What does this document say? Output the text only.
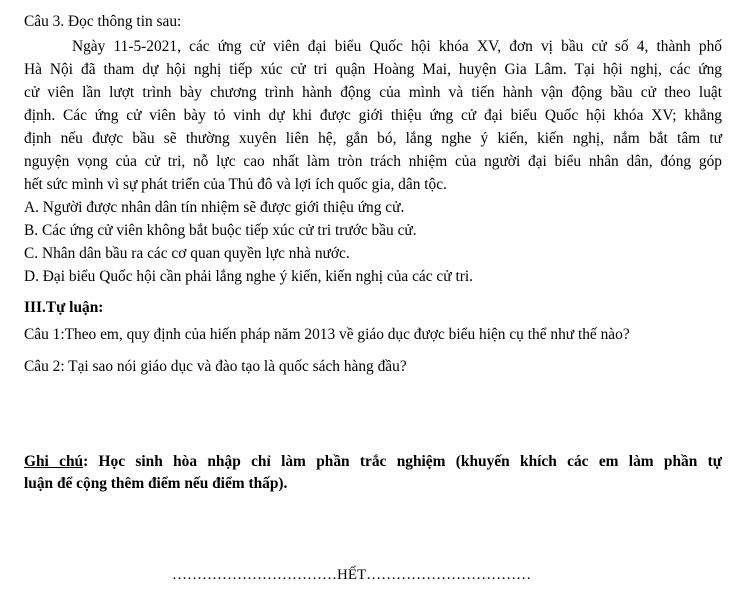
Câu 3. Đọc thông tin sau:
Ngày 11-5-2021, các ứng cử viên đại biểu Quốc hội khóa XV, đơn vị bầu cử số 4, thành phố
Hà Nội đã tham dự hội nghị tiếp xúc cử tri quận Hoàng Mai, huyện Gia Lâm. Tại hội nghị, các ứng
cử viên lần lượt trình bày chương trình hành động của mình và tiến hành vận động bầu cử theo luật
định. Các ứng cử viên bày tỏ vinh dự khi được giới thiệu ứng cử đại biểu Quốc hội khóa XV; khẳng
định nếu được bầu sẽ thường xuyên liên hệ, gắn bó, lắng nghe ý kiến, kiến nghị, nắm bắt tâm tư
nguyện vọng của cử tri, nỗ lực cao nhất làm tròn trách nhiệm của người đại biểu nhân dân, đóng góp
hết sức mình vì sự phát triển của Thủ đô và lợi ích quốc gia, dân tộc.
A. Người được nhân dân tín nhiệm sẽ được giới thiệu ứng cử.
B. Các ứng cử viên không bắt buộc tiếp xúc cử tri trước bầu cử.
C. Nhân dân bầu ra các cơ quan quyền lực nhà nước.
D. Đại biểu Quốc hội cần phải lắng nghe ý kiến, kiến nghị của các cử tri.
III.Tự luận:
Câu 1:Theo em, quy định của hiến pháp năm 2013 về giáo dục được biểu hiện cụ thể như thế nào?
Câu 2: Tại sao nói giáo dục và đào tạo là quốc sách hàng đầu?
Ghi chú: Học sinh hòa nhập chỉ làm phần trắc nghiệm (khuyến khích các em làm phần tự
luận để cộng thêm điểm nếu điểm thấp).
……………………………HẾT……………………………
